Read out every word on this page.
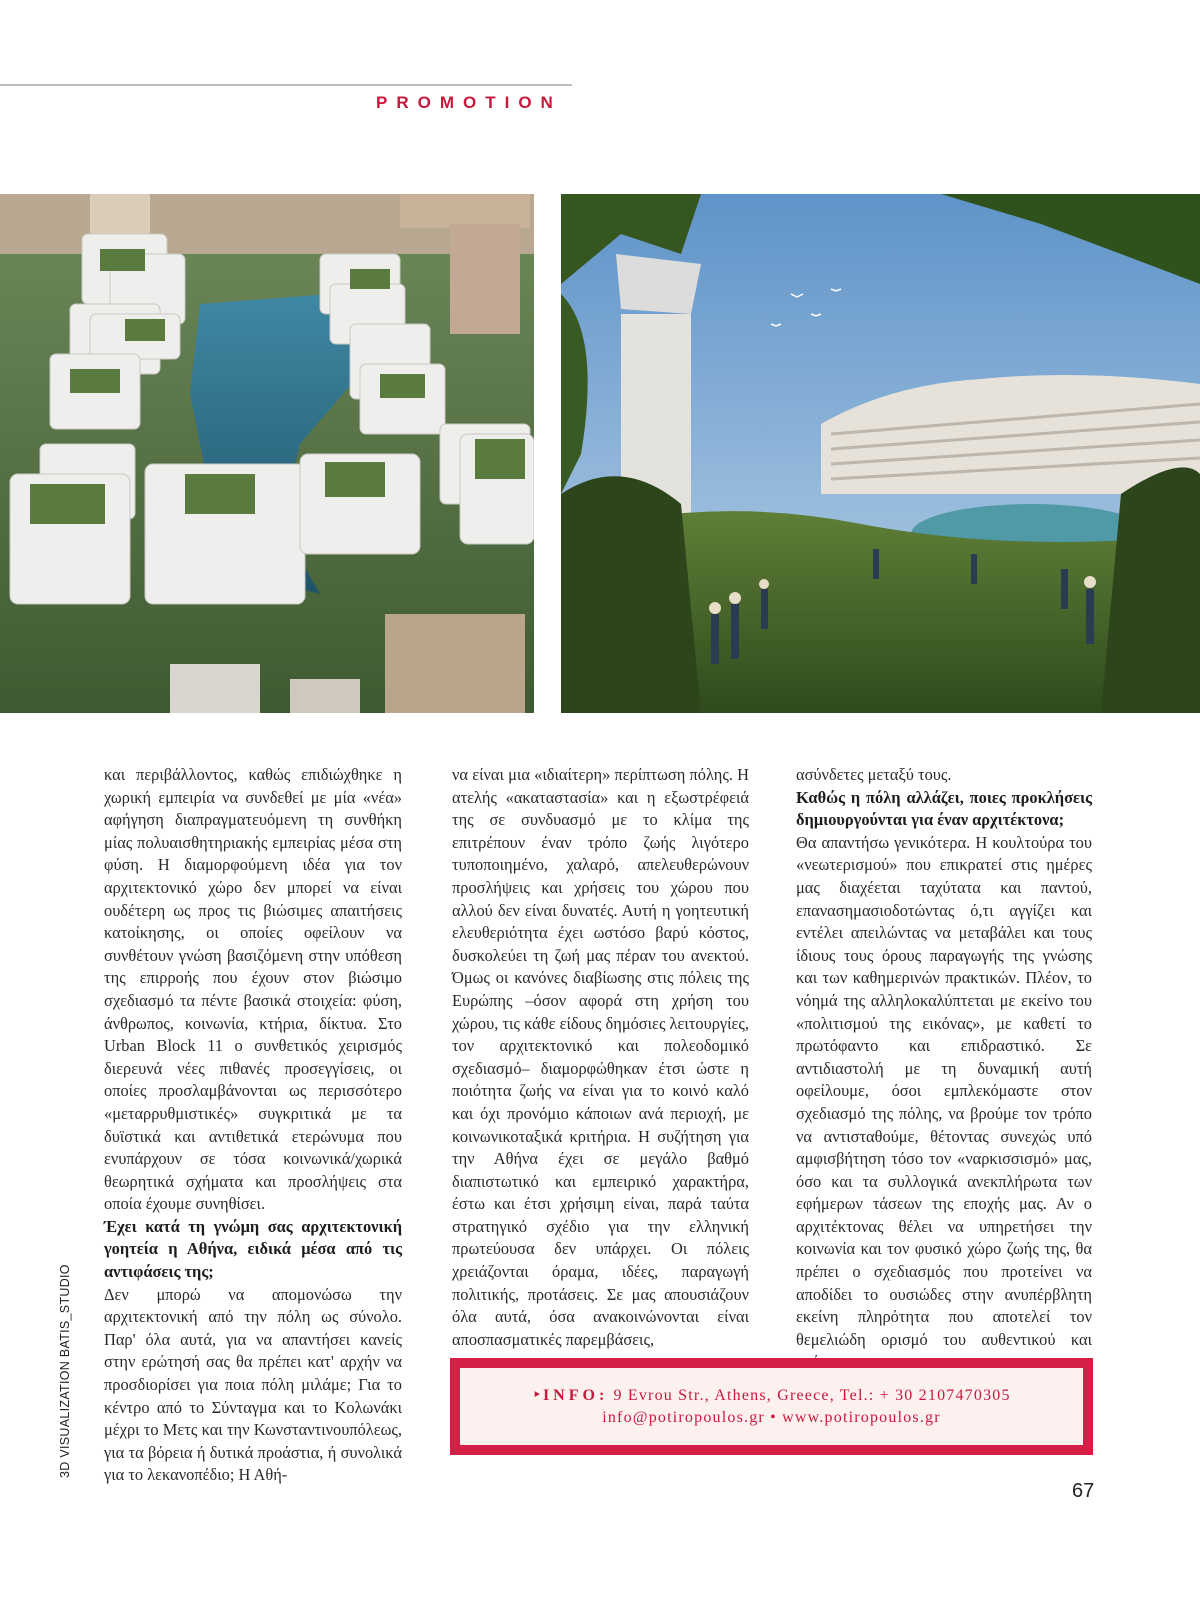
PROMOTION

και περιβάλλοντος, καθώς επιδιώχθηκε η χωρική εμπειρία να συνδεθεί με μία «νέα» αφήγηση διαπραγματευόμενη τη συνθήκη μίας πολυαισθητηριακής εμπειρίας μέσα στη φύση. Η διαμορφούμενη ιδέα για τον αρχιτεκτονικό χώρο δεν μπορεί να είναι ουδέτερη ως προς τις βιώσιμες απαιτήσεις κατοίκησης, οι οποίες οφείλουν να συνθέτουν γνώση βασιζόμενη στην υπόθεση της επιρροής που έχουν στον βιώσιμο σχεδιασμό τα πέντε βασικά στοιχεία: φύση, άνθρωπος, κοινωνία, κτήρια, δίκτυα. Στο Urban Block 11 ο συνθετικός χειρισμός διερευνά νέες πιθανές προσεγγίσεις, οι οποίες προσλαμβάνονται ως περισσότερο «μεταρρυθμιστικές» συγκριτικά με τα δυϊστικά και αντιθετικά ετερώνυμα που ενυπάρχουν σε τόσα κοινωνικά/χωρικά θεωρητικά σχήματα και προσλήψεις στα οποία έχουμε συνηθίσει.

Έχει κατά τη γνώμη σας αρχιτεκτονική γοητεία η Αθήνα, ειδικά μέσα από τις αντιφάσεις της;

Δεν μπορώ να απομονώσω την αρχιτεκτονική από την πόλη ως σύνολο. Παρ' όλα αυτά, για να απαντήσει κανείς στην ερώτησή σας θα πρέπει κατ' αρχήν να προσδιορίσει για ποια πόλη μιλάμε; Για το κέντρο από το Σύνταγμα και το Κολωνάκι μέχρι το Μετς και την Κωνσταντινουπόλεως, για τα βόρεια ή δυτικά προάστια, ή συνολικά για το λεκανοπέδιο; Η Αθή-

να είναι μια «ιδιαίτερη» περίπτωση πόλης. Η ατελής «ακαταστασία» και η εξωστρέφειά της σε συνδυασμό με το κλίμα της επιτρέπουν έναν τρόπο ζωής λιγότερο τυποποιημένο, χαλαρό, απελευθερώνουν προσλήψεις και χρήσεις του χώρου που αλλού δεν είναι δυνατές. Αυτή η γοητευτική ελευθεριότητα έχει ωστόσο βαρύ κόστος, δυσκολεύει τη ζωή μας πέραν του ανεκτού. Όμως οι κανόνες διαβίωσης στις πόλεις της Ευρώπης –όσον αφορά στη χρήση του χώρου, τις κάθε είδους δημόσιες λειτουργίες, τον αρχιτεκτονικό και πολεοδομικό σχεδιασμό– διαμορφώθηκαν έτσι ώστε η ποιότητα ζωής να είναι για το κοινό καλό και όχι προνόμιο κάποιων ανά περιοχή, με κοινωνικοταξικά κριτήρια. Η συζήτηση για την Αθήνα έχει σε μεγάλο βαθμό διαπιστωτικό και εμπειρικό χαρακτήρα, έστω και έτσι χρήσιμη είναι, παρά ταύτα στρατηγικό σχέδιο για την ελληνική πρωτεύουσα δεν υπάρχει. Οι πόλεις χρειάζονται όραμα, ιδέες, παραγωγή πολιτικής, προτάσεις. Σε μας απουσιάζουν όλα αυτά, όσα ανακοινώνονται είναι αποσπασματικές παρεμβάσεις,

ασύνδετες μεταξύ τους.

Καθώς η πόλη αλλάζει, ποιες προκλήσεις δημιουργούνται για έναν αρχιτέκτονα;

Θα απαντήσω γενικότερα. Η κουλτούρα του «νεωτερισμού» που επικρατεί στις ημέρες μας διαχέεται ταχύτατα και παντού, επανασημασιοδοτώντας ό,τι αγγίζει και εντέλει απειλώντας να μεταβάλει και τους ίδιους τους όρους παραγωγής της γνώσης και των καθημερινών πρακτικών. Πλέον, το νόημά της αλληλοκαλύπτεται με εκείνο του «πολιτισμού της εικόνας», με καθετί το πρωτόφαντο και επιδραστικό. Σε αντιδιαστολή με τη δυναμική αυτή οφείλουμε, όσοι εμπλεκόμαστε στον σχεδιασμό της πόλης, να βρούμε τον τρόπο να αντισταθούμε, θέτοντας συνεχώς υπό αμφισβήτηση τόσο τον «ναρκισσισμό» μας, όσο και τα συλλογικά ανεκπλήρωτα των εφήμερων τάσεων της εποχής μας. Αν ο αρχιτέκτονας θέλει να υπηρετήσει την κοινωνία και τον φυσικό χώρο ζωής της, θα πρέπει ο σχεδιασμός που προτείνει να αποδίδει το ουσιώδες στην ανυπέρβλητη εκείνη πληρότητα που αποτελεί τον θεμελιώδη ορισμό του αυθεντικού και

3D VISUALIZATION BATIS_STUDIO	‣INFO: 9 Evrou Str., Athens, Greece, Tel.: + 30 2107470305
info@potiropoulos.gr • www.potiropoulos.gr
67
